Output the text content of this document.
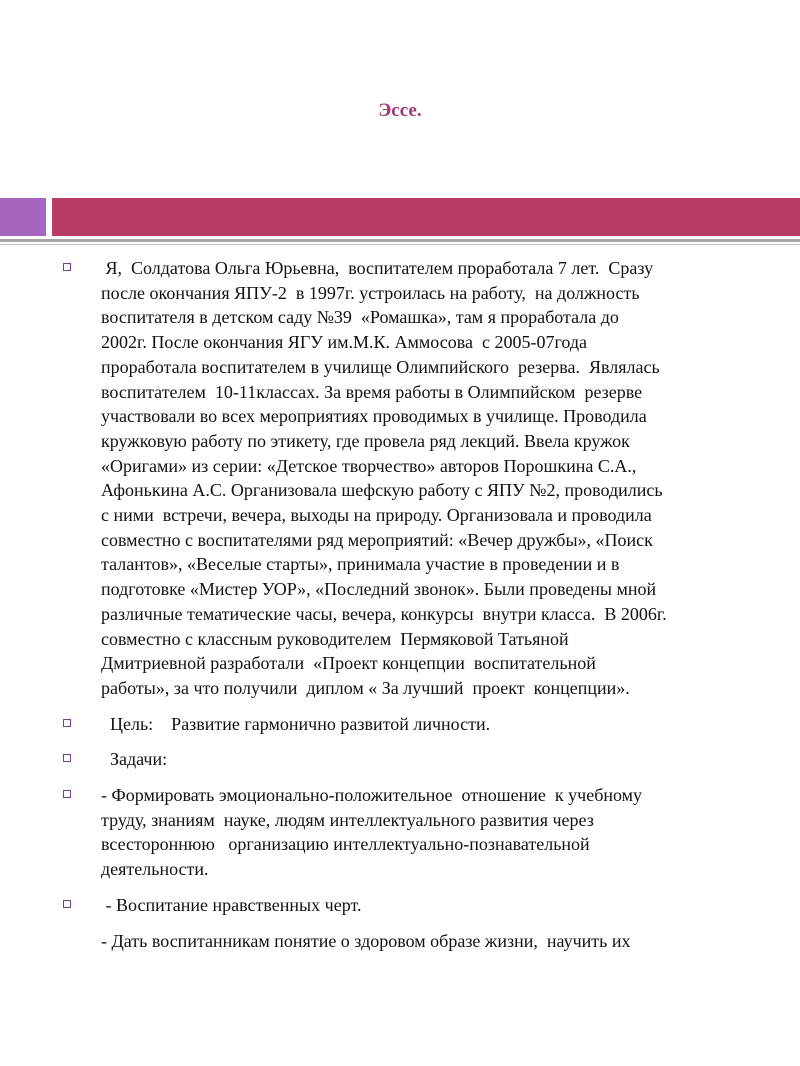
Эссе.
Я,  Солдатова Ольга Юрьевна,  воспитателем проработала 7 лет.  Сразу
после окончания ЯПУ-2  в 1997г. устроилась на работу,  на должность
воспитателя в детском саду №39  «Ромашка», там я проработала до
2002г. После окончания ЯГУ им.М.К. Аммосова  с 2005-07года
проработала воспитателем в училище Олимпийского  резерва.  Являлась
воспитателем  10-11классах. За время работы в Олимпийском  резерве
участвовали во всех мероприятиях проводимых в училище. Проводила
кружковую работу по этикету, где провела ряд лекций. Ввела кружок
«Оригами» из серии: «Детское творчество» авторов Порошкина С.А.,
Афонькина А.С. Организовала шефскую работу с ЯПУ №2, проводились
с ними  встречи, вечера, выходы на природу. Организовала и проводила
совместно с воспитателями ряд мероприятий: «Вечер дружбы», «Поиск
талантов», «Веселые старты», принимала участие в проведении и в
подготовке «Мистер УОР», «Последний звонок». Были проведены мной
различные тематические часы, вечера, конкурсы  внутри класса.  В 2006г.
совместно с классным руководителем  Пермяковой Татьяной
Дмитриевной разработали  «Проект концепции  воспитательной
работы», за что получили  диплом « За лучший  проект  концепции».
Цель:    Развитие гармонично развитой личности.
Задачи:
- Формировать эмоционально-положительное  отношение  к учебному
труду, знаниям  науке, людям интеллектуального развития через
всестороннюю   организацию интеллектуально-познавательной
деятельности.
- Воспитание нравственных черт.
- Дать воспитанникам понятие о здоровом образе жизни,  научить их
